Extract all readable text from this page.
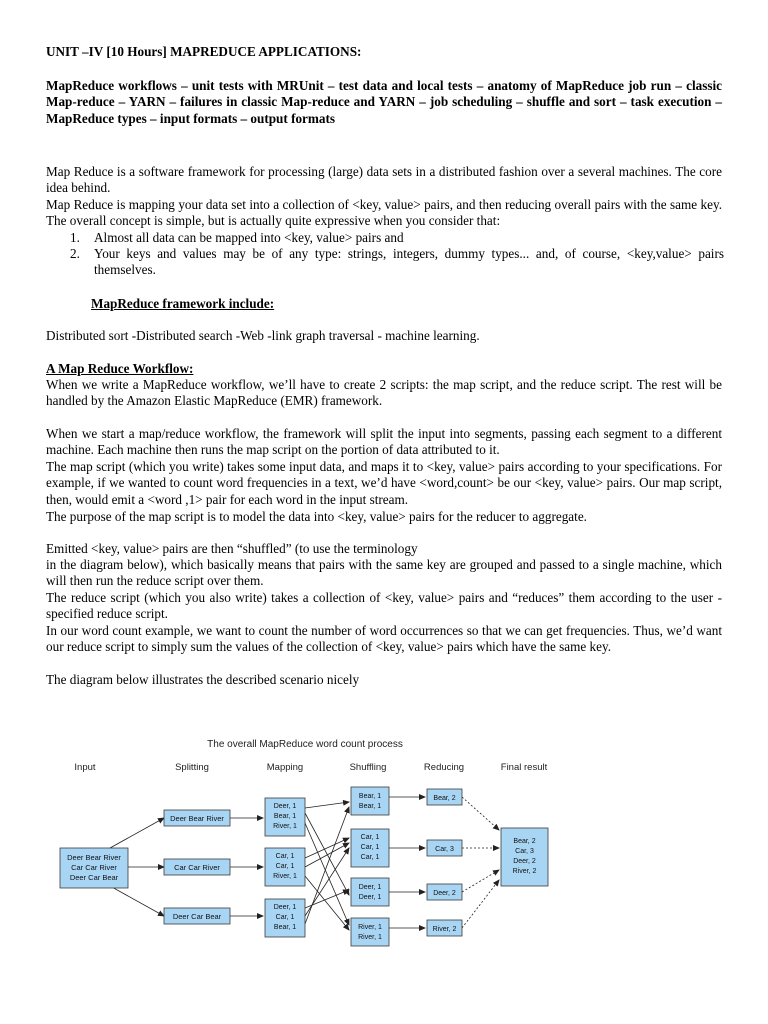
UNIT –IV [10 Hours] MAPREDUCE APPLICATIONS:

MapReduce workflows – unit tests with MRUnit – test data and local tests – anatomy of MapReduce job run – classic Map-reduce – YARN – failures in classic Map-reduce and YARN – job scheduling – shuffle and sort – task execution – MapReduce types – input formats – output formats

Map Reduce is a software framework for processing (large) data sets in a distributed fashion over a several machines. The core idea behind.

Map Reduce is mapping your data set into a collection of <key, value> pairs, and then reducing overall pairs with the same key. The overall concept is simple, but is actually quite expressive when you consider that:

1. Almost all data can be mapped into <key, value> pairs and
2. Your keys and values may be of any type: strings, integers, dummy types... and, of course, <key,value> pairs themselves.

MapReduce framework include:

Distributed sort -Distributed search -Web -link graph traversal - machine learning.

A Map Reduce Workflow:

When we write a MapReduce workflow, we’ll have to create 2 scripts: the map script, and the reduce script. The rest will be handled by the Amazon Elastic MapReduce (EMR) framework.

When we start a map/reduce workflow, the framework will split the input into segments, passing each segment to a different machine. Each machine then runs the map script on the portion of data attributed to it.

The map script (which you write) takes some input data, and maps it to <key, value> pairs according to your specifications. For example, if we wanted to count word frequencies in a text, we’d have <word,count> be our <key, value> pairs. Our map script, then, would emit a <word ,1> pair for each word in the input stream.

The purpose of the map script is to model the data into <key, value> pairs for the reducer to aggregate.

Emitted <key, value> pairs are then “shuffled” (to use the terminology

in the diagram below), which basically means that pairs with the same key are grouped and passed to a single machine, which will then run the reduce script over them.

The reduce script (which you also write) takes a collection of <key, value> pairs and “reduces” them according to the user -specified reduce script.

In our word count example, we want to count the number of word occurrences so that we can get frequencies. Thus, we’d want our reduce script to simply sum the values of the collection of <key, value> pairs which have the same key.

The diagram below illustrates the described scenario nicely

The overall MapReduce word count process
Input	Splitting	Mapping	Shuffling	Reducing	Final result
Deer Bear River
Car Car River
Deer Car Bear
Deer Bear River
Car Car River
Deer Car Bear
Deer, 1
Bear, 1
River, 1
Car, 1
Car, 1
River, 1
Deer, 1
Car, 1
Bear, 1
Bear, 1
Bear, 1
Car, 1
Car, 1
Car, 1
Deer, 1
Deer, 1
River, 1
River, 1
Bear, 2
Car, 3
Deer, 2
River, 2
Bear, 2
Car, 3
Deer, 2
River, 2
